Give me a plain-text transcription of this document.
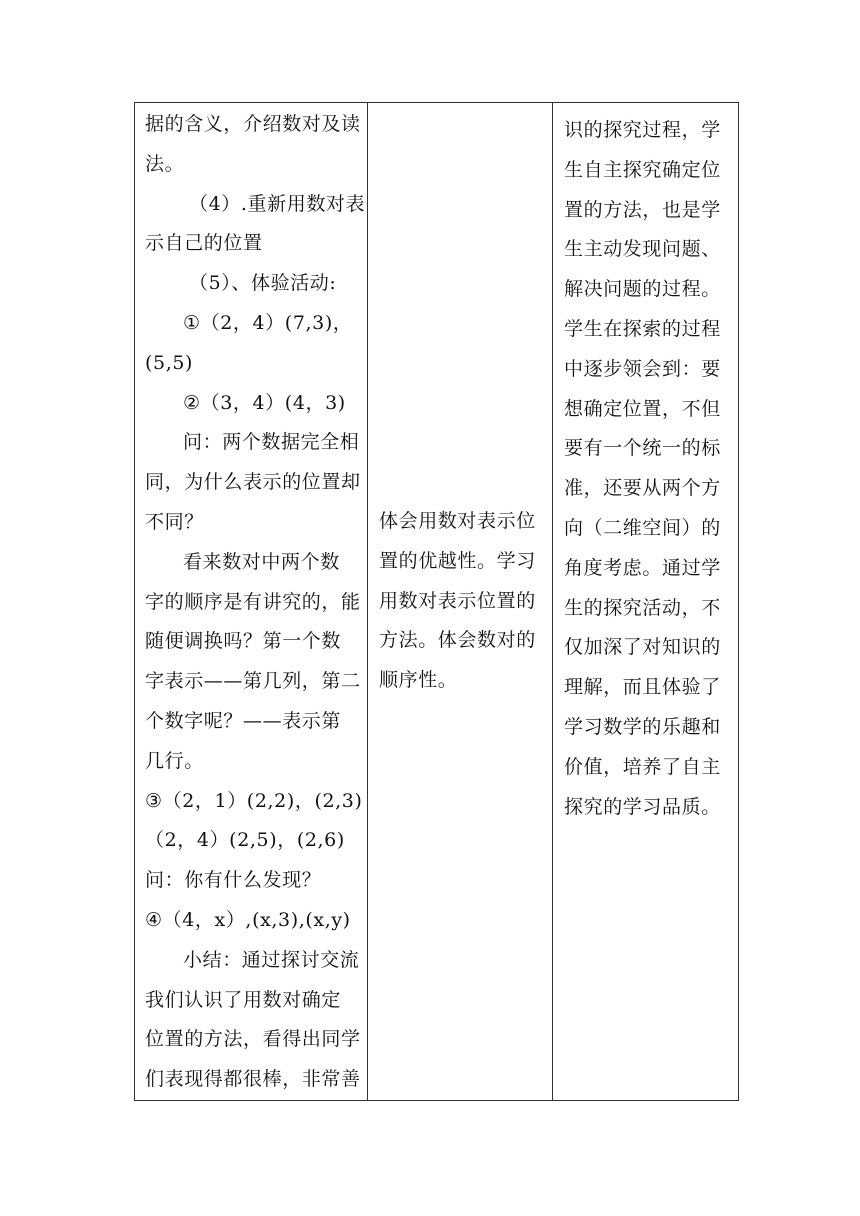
据的含义，介绍数对及读
法。
（4）.重新用数对表
示自己的位置
（5）、体验活动:
①（2，4）(7,3)，
(5,5)
②（3，4）(4，3)
问：两个数据完全相
同，为什么表示的位置却
不同？
看来数对中两个数
字的顺序是有讲究的，能
随便调换吗？第一个数
字表示——第几列，第二
个数字呢？——表示第
几行。
③（2，1）(2,2)，(2,3)
（2，4）(2,5)，(2,6)
问：你有什么发现？
④（4，x）,(x,3),(x,y)
小结：通过探讨交流
我们认识了用数对确定
位置的方法，看得出同学
们表现得都很棒，非常善

体会用数对表示位
置的优越性。学习
用数对表示位置的
方法。体会数对的
顺序性。

识的探究过程，学
生自主探究确定位
置的方法，也是学
生主动发现问题、
解决问题的过程。
学生在探索的过程
中逐步领会到：要
想确定位置，不但
要有一个统一的标
准，还要从两个方
向（二维空间）的
角度考虑。通过学
生的探究活动，不
仅加深了对知识的
理解，而且体验了
学习数学的乐趣和
价值，培养了自主
探究的学习品质。
